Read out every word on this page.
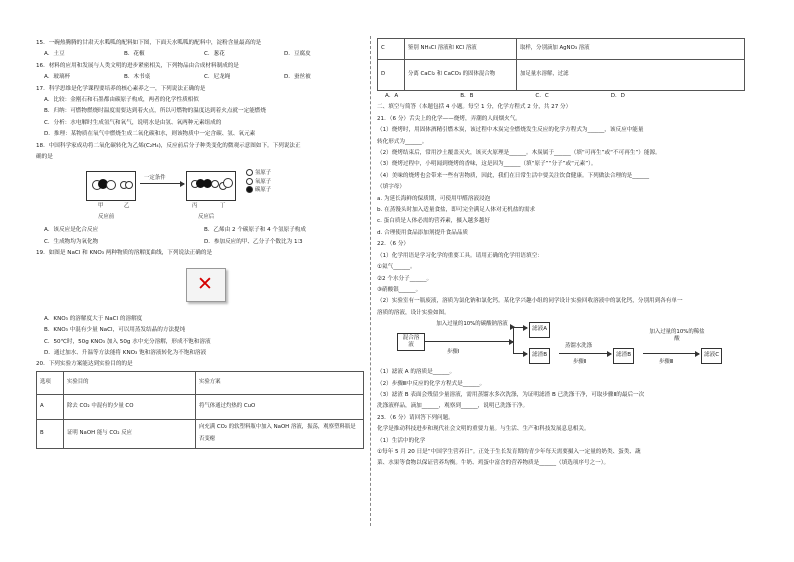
15．一碗热腾腾的甘肃天水呱呱的配料如下图，下面天水呱呱的配料中，淀粉含量最高的是
A．土豆	B．花椒	C．葱花	D．豆腐皮
16．材料的应用和发展与人类文明的进步紧密相关，下列物品由合成材料制成的是
A．玻璃杯	B．木书桌	C．尼龙绳	D．蚕丝被
17．科学思维是化学课程要培养的核心素养之一，下列说法正确的是
A．比较：金刚石和石墨都由碳原子构成，两者的化学性质相似
B．归纳：可燃物燃烧时温度需要达到着火点，所以可燃物的温度达到着火点就一定能燃烧
C．分析：水电解时生成氢气和氧气，说明水是由氢、氧两种元素组成的
D．推理：某物质在氧气中燃烧生成二氧化碳和水，则该物质中一定含碳、氢、氧元素
18．中国科学家成功将二氧化碳转化为乙烯(C₂H₄)，反应前后分子种类变化的微观示意图如下。下列说法正
确的是
一定条件
甲	乙	丙	丁
反应前	反应后
氢原子
氧原子
碳原子
A．该反应是化合反应	B．乙烯由 2 个碳原子和 4 个氢原子构成
C．生成物均为氧化物	D．参加反应的甲、乙分子个数比为 1∶3
19．如图是 NaCl 和 KNO₃ 两种物质的溶解度曲线，下列说法正确的是
✕
A．KNO₃ 的溶解度大于 NaCl 的溶解度
B．KNO₃ 中混有少量 NaCl，可以用蒸发结晶的方法提纯
C．50℃时，50g KNO₃ 加入 50g 水中充分溶解，形成不饱和溶液
D．通过加水、升温等方法能将 KNO₃ 饱和溶液转化为不饱和溶液
20．下列实验方案能达到实验目的的是
选项	实验目的	实验方案
A	除去 CO₂ 中混有的少量 CO	将气体通过灼热的 CuO
B	证明 NaOH 能与 CO₂ 反应	向充满 CO₂ 的软塑料瓶中加入 NaOH 溶液，振荡，观察塑料瓶是否变瘪
C	鉴别 NH₄Cl 溶液和 KCl 溶液	取样，分别滴加 AgNO₃ 溶液
D	分离 CaCl₂ 和 CaCO₃ 的固体混合物	加足量水溶解，过滤
A．A	B．B	C．C	D．D
二、填空与简答（本题包括 4 小题。每空 1 分，化学方程式 2 分，共 27 分）
21．（6 分）舌尖上的化学——烧烤，弄潮的人间烟火气。
（1）烧烤时，用固体酒精引燃木炭，该过程中木炭完全燃烧发生反应的化学方程式为______，该反应中能量
转化形式为______。
（2）烧烤结束后，常用沙土覆盖灭火，该灭火原理是______。木炭属于______（填“可再生”或“不可再生”）能源。
（3）烧烤过程中，小明闻到烧烤的香味，这是因为______（填“原子”“分子”或“元素”）。
（4）美味的烧烤也会带来一些有害物质，因此，我们在日常生活中要关注饮食健康。下列做法合理的是______
（填字母）
a. 为延长海鲜的保质期，可使用甲醛溶液浸泡
b. 在蒸馒头时加入适量食盐，即可完全满足人体对无机盐的需求
c. 蛋白质是人体必需的营养素，摄入越多越好
d. 合理使用食品添加剂提升食品品质
22．（6 分）
（1）化学用语是学习化学的重要工具。请用正确的化学用语填空：
①氦气______。
②2 个水分子______。
③硝酸银______。
（2）实验室有一瓶废液，溶质为氯化钠和氯化钙。某化学兴趣小组的同学设计实验回收溶液中的氯化钙，分别用到各有单一
溶质的溶液，设计实验如图。
混合溶液
加入过量的10%的碳酸钠溶液
步骤Ⅰ
滤液A
滤渣B
蒸馏水洗涤
步骤Ⅱ
滤渣B
加入过量的10%的稀盐酸
步骤Ⅲ
滤液C
（1）滤液 A 的溶质是______。
（2）步骤Ⅲ中反应的化学方程式是______。
（3）滤渣 B 表面会残留少量溶液，需用蒸馏水多次洗涤，为证明滤渣 B 已洗涤干净，可取步骤Ⅱ的最后一次
洗涤液样品，滴加______，观察到______，说明已洗涤干净。
23．（6 分）请回答下列问题。
化学是推动科技进步和现代社会文明的重要力量。与生活、生产和科技发展息息相关。
（1）生活中的化学
①每年 5 月 20 日是“中国学生营养日”。正处于生长发育期的青少年每天需要摄入一定量的奶类、蛋类、蔬
菜、水果等食物以保证营养均衡。牛奶、鸡蛋中富含的营养物质是______（填选项序号之一）。
